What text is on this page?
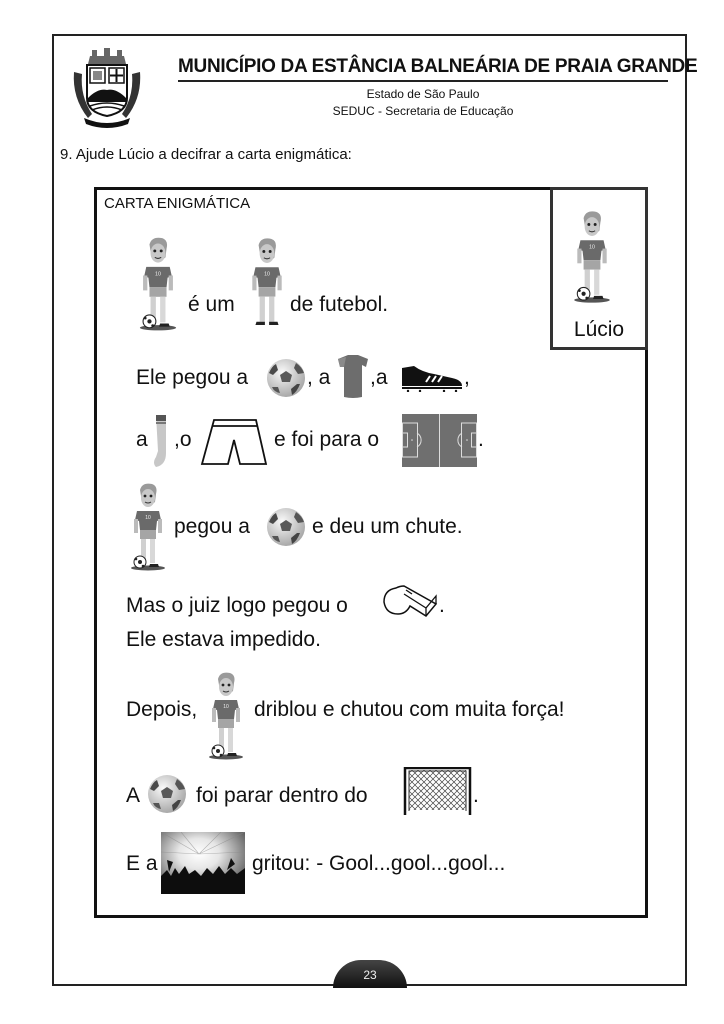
MUNICÍPIO DA ESTÂNCIA BALNEÁRIA DE PRAIA GRANDE
Estado de São Paulo
SEDUC - Secretaria de Educação
9. Ajude Lúcio a decifrar a carta enigmática:
CARTA ENIGMÁTICA
Lúcio
é um	de futebol.
Ele pegou a	, a ,a	,
a ,o	e foi para o	.
pegou a	e deu um chute.
Mas o juiz logo pegou o	.
Ele estava impedido.
Depois,	driblou e chutou com muita força!
A	foi parar dentro do	.
E a	gritou: - Gool...gool...gool...
23
